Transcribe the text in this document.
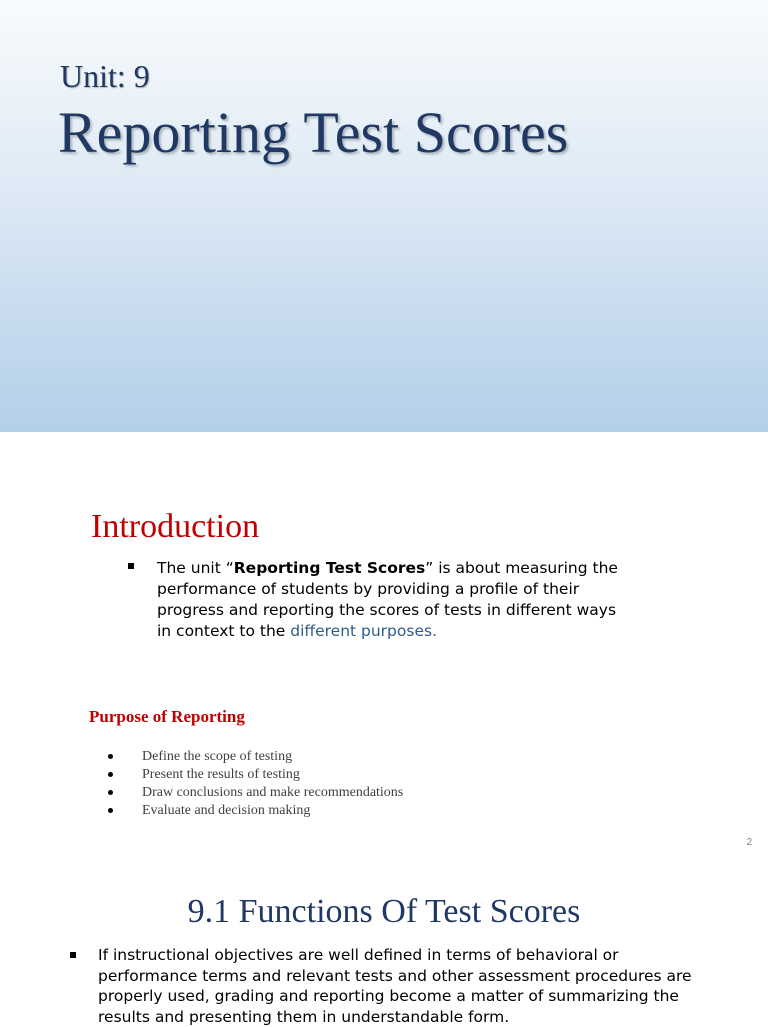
Unit: 9
Reporting Test Scores
Introduction
The unit “Reporting Test Scores” is about measuring the performance of students by providing a profile of their progress and reporting the scores of tests in different ways in context to the different purposes.
Purpose of Reporting
Define the scope of testing
Present the results of testing
Draw conclusions and make recommendations
Evaluate and decision making
2
9.1 Functions Of Test Scores
If instructional objectives are well defined in terms of behavioral or performance terms and relevant tests and other assessment procedures are properly used, grading and reporting become a matter of summarizing the results and presenting them in understandable form.
